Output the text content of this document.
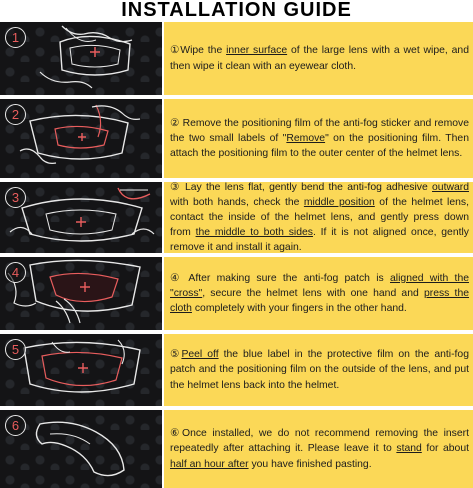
INSTALLATION GUIDE
1
①Wipe the inner surface of the large lens with a wet wipe, and then wipe it clean with an eyewear cloth.
2
② Remove the positioning film of the anti-fog sticker and remove the two small labels of "Remove" on the positioning film. Then attach the positioning film to the outer center of the helmet lens.
3
③ Lay the lens flat, gently bend the anti-fog adhesive outward with both hands, check the middle position of the helmet lens, contact the inside of the helmet lens, and gently press down from the middle to both sides. If it is not aligned once, gently remove it and install it again.
4	④ After making sure the anti-fog patch is aligned with the "cross", secure the helmet lens with one hand and press the cloth completely with your fingers in the other hand.
5	⑤Peel off the blue label in the protective film on the anti-fog patch and the positioning film on the outside of the lens, and put the helmet lens back into the helmet.
6
⑥Once installed, we do not recommend removing the insert repeatedly after attaching it. Please leave it to stand for about half an hour after you have finished pasting.
